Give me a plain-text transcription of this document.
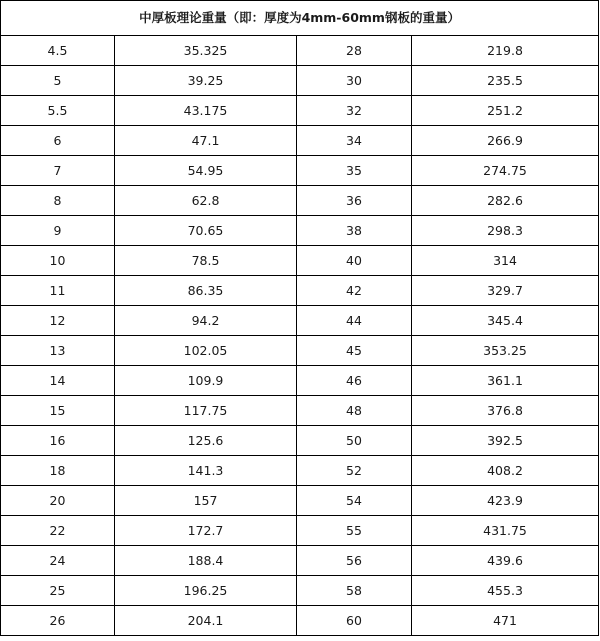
中厚板理论重量（即：厚度为4mm-60mm钢板的重量）			
4.5	35.325	28	219.8
5	39.25	30	235.5
5.5	43.175	32	251.2
6	47.1	34	266.9
7	54.95	35	274.75
8	62.8	36	282.6
9	70.65	38	298.3
10	78.5	40	314
11	86.35	42	329.7
12	94.2	44	345.4
13	102.05	45	353.25
14	109.9	46	361.1
15	117.75	48	376.8
16	125.6	50	392.5
18	141.3	52	408.2
20	157	54	423.9
22	172.7	55	431.75
24	188.4	56	439.6
25	196.25	58	455.3
26	204.1	60	471
